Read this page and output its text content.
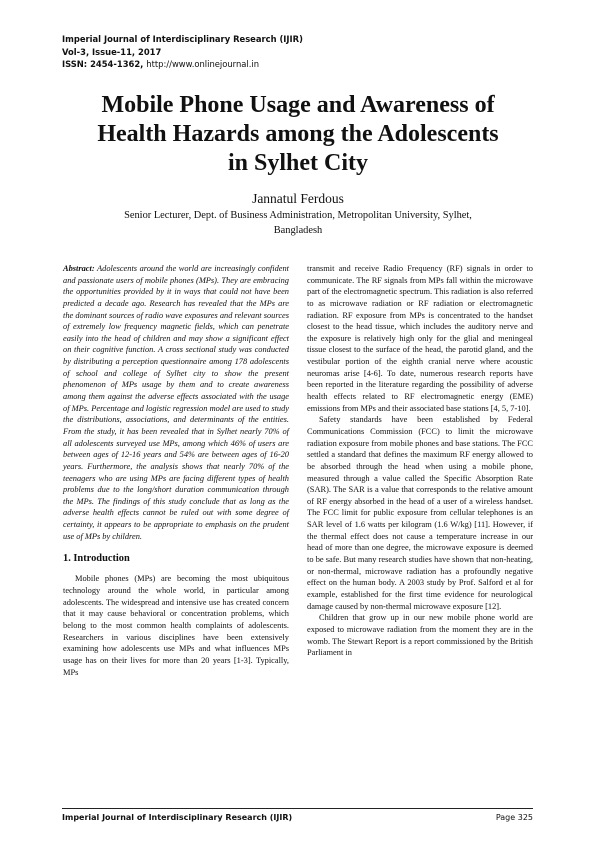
Imperial Journal of Interdisciplinary Research (IJIR)
Vol-3, Issue-11, 2017
ISSN: 2454-1362, http://www.onlinejournal.in
Mobile Phone Usage and Awareness of
Health Hazards among the Adolescents
in Sylhet City
Jannatul Ferdous
Senior Lecturer, Dept. of Business Administration, Metropolitan University, Sylhet,
Bangladesh

Abstract: Adolescents around the world are increasingly confident and passionate users of mobile phones (MPs). They are embracing the opportunities provided by it in ways that could not have been predicted a decade ago. Research has revealed that the MPs are the dominant sources of radio wave exposures and relevant sources of extremely low frequency magnetic fields, which can penetrate easily into the head of children and may show a significant effect on their cognitive function. A cross sectional study was conducted by distributing a perception questionnaire among 178 adolescents of school and college of Sylhet city to show the present phenomenon of MPs usage by them and to create awareness among them against the adverse effects associated with the usage of MPs. Percentage and logistic regression model are used to study the distributions, associations, and determinants of the entities. From the study, it has been revealed that in Sylhet nearly 70% of all adolescents surveyed use MPs, among which 46% of users are between ages of 12-16 years and 54% are between ages of 16-20 years. Furthermore, the analysis shows that nearly 70% of the teenagers who are using MPs are facing different types of health problems due to the long/short duration communication through the MPs. The findings of this study conclude that as long as the adverse health effects cannot be ruled out with some degree of certainty, it appears to be appropriate to emphasis on the prudent use of MPs by children.

1. Introduction

Mobile phones (MPs) are becoming the most ubiquitous technology around the whole world, in particular among adolescents. The widespread and intensive use has created concern that it may cause behavioral or concentration problems, which belong to the most common health complaints of adolescents. Researchers in various disciplines have been extensively examining how adolescents use MPs and what influences MPs usage has on their lives for more than 20 years [1-3]. Typically, MPs

transmit and receive Radio Frequency (RF) signals in order to communicate. The RF signals from MPs fall within the microwave part of the electromagnetic spectrum. This radiation is also referred to as microwave radiation or RF radiation or electromagnetic radiation. RF exposure from MPs is concentrated to the handset closest to the head tissue, which includes the auditory nerve and the exposure is relatively high only for the glial and meningeal tissue closest to the surface of the head, the parotid gland, and the vestibular portion of the eighth cranial nerve where acoustic neuromas arise [4-6]. To date, numerous research reports have been reported in the literature regarding the possibility of adverse health effects related to RF electromagnetic energy (EME) emissions from MPs and their associated base stations [4, 5, 7-10].

Safety standards have been established by Federal Communications Commission (FCC) to limit the microwave radiation exposure from mobile phones and base stations. The FCC settled a standard that defines the maximum RF energy allowed to be absorbed through the head when using a mobile phone, measured through a value called the Specific Absorption Rate (SAR). The SAR is a value that corresponds to the relative amount of RF energy absorbed in the head of a user of a wireless handset. The FCC limit for public exposure from cellular telephones is an SAR level of 1.6 watts per kilogram (1.6 W/kg) [11]. However, if the thermal effect does not cause a temperature increase in our head of more than one degree, the microwave exposure is deemed to be safe. But many research studies have shown that non-heating, or non-thermal, microwave radiation has a profoundly negative effect on the human body. A 2003 study by Prof. Salford et al for example, established for the first time evidence for neurological damage caused by non-thermal microwave exposure [12].

Children that grow up in our new mobile phone world are exposed to microwave radiation from the moment they are in the womb. The Stewart Report is a report commissioned by the British Parliament in

Imperial Journal of Interdisciplinary Research (IJIR)	Page 325
